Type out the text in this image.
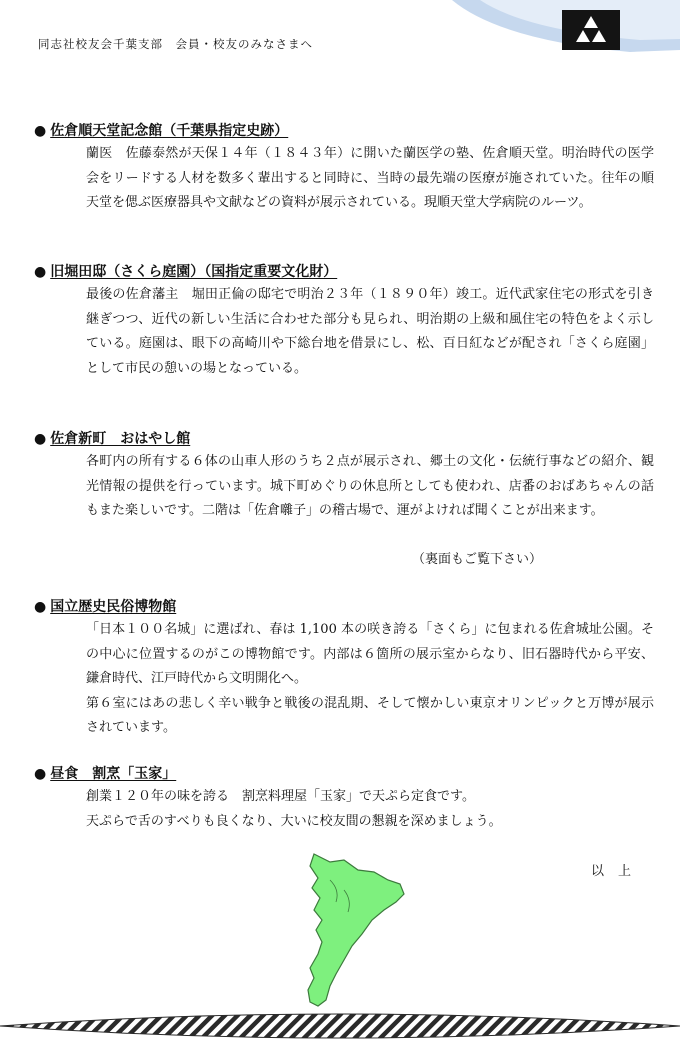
同志社校友会千葉支部　会員・校友のみなさまへ
● 佐倉順天堂記念館（千葉県指定史跡）

蘭医　佐藤泰然が天保１４年（１８４３年）に開いた蘭医学の塾、佐倉順天堂。明治時代の医学会をリードする人材を数多く輩出すると同時に、当時の最先端の医療が施されていた。往年の順天堂を偲ぶ医療器具や文献などの資料が展示されている。現順天堂大学病院のルーツ。

● 旧堀田邸（さくら庭園）（国指定重要文化財）

最後の佐倉藩主　堀田正倫の邸宅で明治２３年（１８９０年）竣工。近代武家住宅の形式を引き継ぎつつ、近代の新しい生活に合わせた部分も見られ、明治期の上級和風住宅の特色をよく示している。庭園は、眼下の高崎川や下総台地を借景にし、松、百日紅などが配され「さくら庭園」として市民の憩いの場となっている。

● 佐倉新町　おはやし館

各町内の所有する６体の山車人形のうち２点が展示され、郷土の文化・伝統行事などの紹介、観光情報の提供を行っています。城下町めぐりの休息所としても使われ、店番のおばあちゃんの話もまた楽しいです。二階は「佐倉囃子」の稽古場で、運がよければ聞くことが出来ます。

（裏面もご覧下さい）
● 国立歴史民俗博物館

「日本１００名城」に選ばれ、春は 1,100 本の咲き誇る「さくら」に包まれる佐倉城址公園。その中心に位置するのがこの博物館です。内部は６箇所の展示室からなり、旧石器時代から平安、鎌倉時代、江戸時代から文明開化へ。

第６室にはあの悲しく辛い戦争と戦後の混乱期、そして懐かしい東京オリンピックと万博が展示されています。

● 昼食　割烹「玉家」

創業１２０年の味を誇る　割烹料理屋「玉家」で天ぷら定食です。

天ぷらで舌のすべりも良くなり、大いに校友間の懇親を深めましょう。

以上
